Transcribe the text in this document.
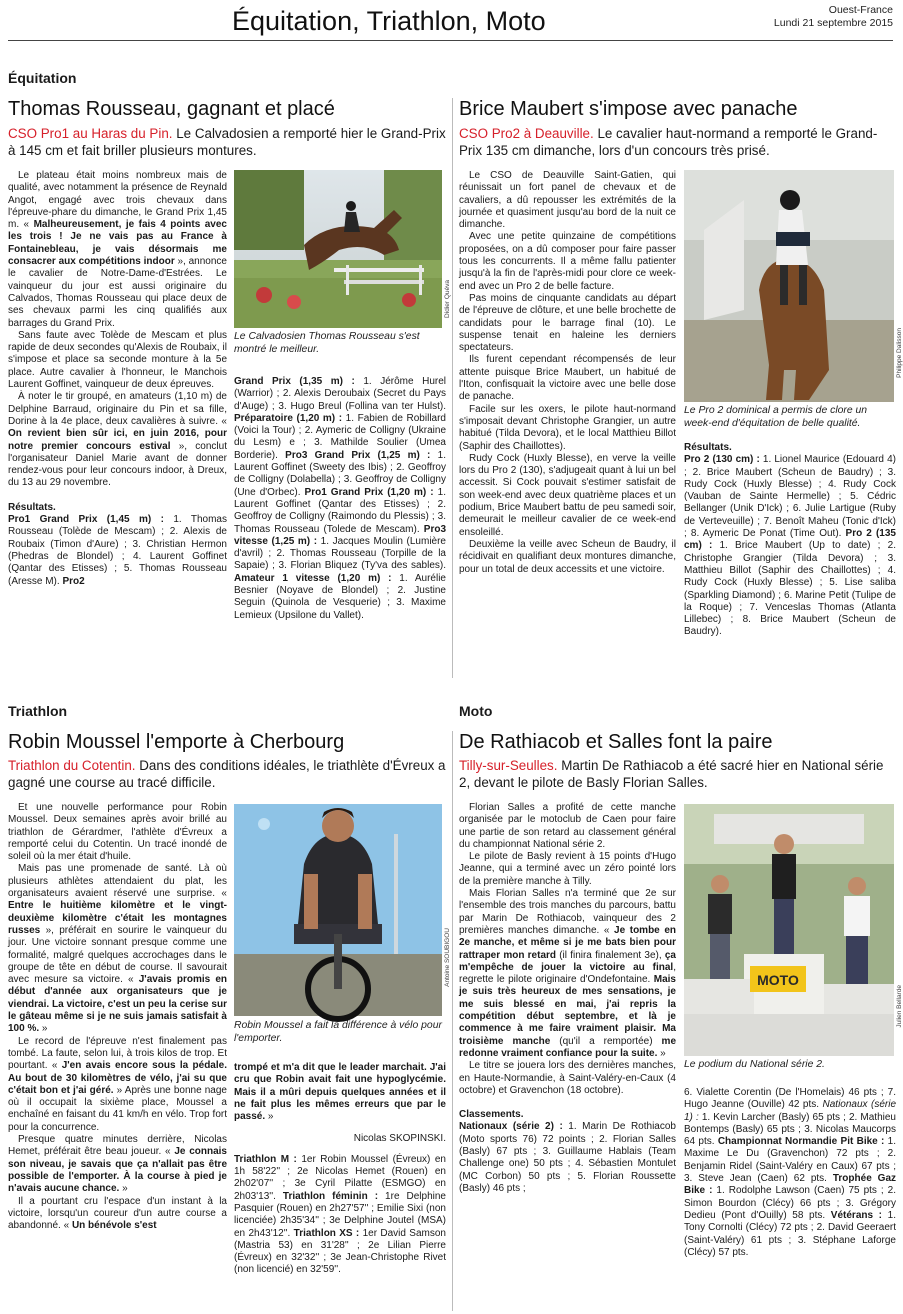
Équitation, Triathlon, Moto	Ouest-France
Lundi 21 septembre 2015
Équitation
Thomas Rousseau, gagnant et placé
CSO Pro1 au Haras du Pin. Le Calvadosien a remporté hier le Grand-Prix à 145 cm et fait briller plusieurs montures.

Le plateau était moins nombreux mais de qualité, avec notamment la présence de Reynald Angot, engagé avec trois chevaux dans l'épreuve-phare du dimanche, le Grand Prix 1,45 m. « Malheureusement, je fais 4 points avec les trois ! Je ne vais pas au France à Fontainebleau, je vais désormais me consacrer aux compétitions indoor », annonce le cavalier de Notre-Dame-d'Estrées. Le vainqueur du jour est aussi originaire du Calvados, Thomas Rousseau qui place deux de ses chevaux parmi les cinq qualifiés aux barrages du Grand Prix.

Sans faute avec Tolède de Mescam et plus rapide de deux secondes qu'Alexis de Roubaix, il s'impose et place sa seconde monture à la 5e place. Autre cavalier à l'honneur, le Manchois Laurent Goffinet, vainqueur de deux épreuves.

À noter le tir groupé, en amateurs (1,10 m) de Delphine Barraud, originaire du Pin et sa fille, Dorine à la 4e place, deux cavalières à suivre. « On revient bien sûr ici, en juin 2016, pour notre premier concours estival », conclut l'organisateur Daniel Marie avant de donner rendez-vous pour leur concours indoor, à Dreux, du 13 au 29 novembre.

Résultats.

Pro1 Grand Prix (1,45 m) : 1. Thomas Rousseau (Tolède de Mescam) ; 2. Alexis de Roubaix (Timon d'Aure) ; 3. Christian Hermon (Phedras de Blondel) ; 4. Laurent Goffinet (Qantar des Etisses) ; 5. Thomas Rousseau (Aresse M). Pro2

Didier Quéva
Le Calvadosien Thomas Rousseau s'est montré le meilleur.

Grand Prix (1,35 m) : 1. Jérôme Hurel (Warrior) ; 2. Alexis Deroubaix (Secret du Pays d'Auge) ; 3. Hugo Breul (Follina van ter Hulst). Préparatoire (1,20 m) : 1. Fabien de Robillard (Voici la Tour) ; 2. Aymeric de Colligny (Ukraine du Lesm) e ; 3. Mathilde Soulier (Umea Borderie). Pro3 Grand Prix (1,25 m) : 1. Laurent Goffinet (Sweety des Ibis) ; 2. Geoffroy de Colligny (Dolabella) ; 3. Geoffroy de Colligny (Une d'Orbec). Pro1 Grand Prix (1,20 m) : 1. Laurent Goffinet (Qantar des Etisses) ; 2. Geoffroy de Colligny (Raimondo du Plessis) ; 3. Thomas Rousseau (Tolede de Mescam). Pro3 vitesse (1,25 m) : 1. Jacques Moulin (Lumière d'avril) ; 2. Thomas Rousseau (Torpille de la Sapaie) ; 3. Florian Bliquez (Ty'va des sables). Amateur 1 vitesse (1,20 m) : 1. Aurélie Besnier (Noyave de Blondel) ; 2. Justine Seguin (Quinola de Vesquerie) ; 3. Maxime Lemieux (Upsilone du Vallet).

Brice Maubert s'impose avec panache
CSO Pro2 à Deauville. Le cavalier haut-normand a remporté le Grand-Prix 135 cm dimanche, lors d'un concours très prisé.

Le CSO de Deauville Saint-Gatien, qui réunissait un fort panel de chevaux et de cavaliers, a dû repousser les extrémités de la journée et quasiment jusqu'au bord de la nuit ce dimanche.

Avec une petite quinzaine de compétitions proposées, on a dû composer pour faire passer tous les concurrents. Il a même fallu patienter jusqu'à la fin de l'après-midi pour clore ce week-end avec un Pro 2 de belle facture.

Pas moins de cinquante candidats au départ de l'épreuve de clôture, et une belle brochette de candidats pour le barrage final (10). Le suspense tenait en haleine les derniers spectateurs.

Ils furent cependant récompensés de leur attente puisque Brice Maubert, un habitué de l'Iton, confisquait la victoire avec une belle dose de panache.

Facile sur les oxers, le pilote haut-normand s'imposait devant Christophe Grangier, un autre habitué (Tilda Devora), et le local Matthieu Billot (Saphir des Chaillottes).

Rudy Cock (Huxly Blesse), en verve la veille lors du Pro 2 (130), s'adjugeait quant à lui un bel accessit. Si Cock pouvait s'estimer satisfait de son week-end avec deux quatrième places et un podium, Brice Maubert battu de peu samedi soir, demeurait le meilleur cavalier de ce week-end ensoleillé.

Deuxième la veille avec Scheun de Baudry, il récidivait en qualifiant deux montures dimanche, pour un total de deux accessits et une victoire.

Philippe Dalisson
Le Pro 2 dominical a permis de clore un week-end d'équitation de belle qualité.

Résultats.

Pro 2 (130 cm) : 1. Lionel Maurice (Edouard 4) ; 2. Brice Maubert (Scheun de Baudry) ; 3. Rudy Cock (Huxly Blesse) ; 4. Rudy Cock (Vauban de Sainte Hermelle) ; 5. Cédric Bellanger (Unik D'Ick) ; 6. Julie Lartigue (Ruby de Verteveuille) ; 7. Benoît Maheu (Tonic d'Ick) ; 8. Aymeric De Ponat (Time Out). Pro 2 (135 cm) : 1. Brice Maubert (Up to date) ; 2. Christophe Grangier (Tilda Devora) ; 3. Matthieu Billot (Saphir des Chaillottes) ; 4. Rudy Cock (Huxly Blesse) ; 5. Lise saliba (Sparkling Diamond) ; 6. Marine Petit (Tulipe de la Roque) ; 7. Venceslas Thomas (Atlanta Lillebec) ; 8. Brice Maubert (Scheun de Baudry).

Triathlon
Robin Moussel l'emporte à Cherbourg
Triathlon du Cotentin. Dans des conditions idéales, le triathlète d'Évreux a gagné une course au tracé difficile.

Et une nouvelle performance pour Robin Moussel. Deux semaines après avoir brillé au triathlon de Gérardmer, l'athlète d'Évreux a remporté celui du Cotentin. Un tracé inondé de soleil où la mer était d'huile.

Mais pas une promenade de santé. Là où plusieurs athlètes attendaient du plat, les organisateurs avaient réservé une surprise. « Entre le huitième kilomètre et le vingt-deuxième kilomètre c'était les montagnes russes », préférait en sourire le vainqueur du jour. Une victoire sonnant presque comme une formalité, malgré quelques accrochages dans le groupe de tête en début de course. Il savourait avec mesure sa victoire. « J'avais promis en début d'année aux organisateurs que je viendrai. La victoire, c'est un peu la cerise sur le gâteau même si je ne suis jamais satisfait à 100 %. »

Le record de l'épreuve n'est finalement pas tombé. La faute, selon lui, à trois kilos de trop. Et pourtant. « J'en avais encore sous la pédale. Au bout de 30 kilomètres de vélo, j'ai su que c'était bon et j'ai géré. » Après une bonne nage où il occupait la sixième place, Moussel a enchaîné en faisant du 41 km/h en vélo. Trop fort pour la concurrence.

Presque quatre minutes derrière, Nicolas Hemet, préférait être beau joueur. « Je connais son niveau, je savais que ça n'allait pas être possible de l'emporter. À la course à pied je n'avais aucune chance. »

Il a pourtant cru l'espace d'un instant à la victoire, lorsqu'un coureur d'un autre course a abandonné. « Un bénévole s'est

Antoine SOUBIGOU
Robin Moussel a fait la différence à vélo pour l'emporter.

trompé et m'a dit que le leader marchait. J'ai cru que Robin avait fait une hypoglycémie. Mais il a mûri depuis quelques années et il ne fait plus les mêmes erreurs que par le passé. »

Nicolas SKOPINSKI.

Triathlon M : 1er Robin Moussel (Évreux) en 1h 58'22'' ; 2e Nicolas Hemet (Rouen) en 2h02'07'' ; 3e Cyril Pilatte (ESMGO) en 2h03'13''. Triathlon féminin : 1re Delphine Pasquier (Rouen) en 2h27'57'' ; Emilie Sixi (non licenciée) 2h35'34'' ; 3e Delphine Joutel (MSA) en 2h43'12''. Triathlon XS : 1er David Samson (Mastria 53) en 31'28'' ; 2e Lilian Pierre (Évreux) en 32'32'' ; 3e Jean-Christophe Rivet (non licencié) en 32'59''.

Moto
De Rathiacob et Salles font la paire
Tilly-sur-Seulles. Martin De Rathiacob a été sacré hier en National série 2, devant le pilote de Basly Florian Salles.

Florian Salles a profité de cette manche organisée par le motoclub de Caen pour faire une partie de son retard au classement général du championnat National série 2.

Le pilote de Basly revient à 15 points d'Hugo Jeanne, qui a terminé avec un zéro pointé lors de la première manche à Tilly.

Mais Florian Salles n'a terminé que 2e sur l'ensemble des trois manches du parcours, battu par Marin De Rothiacob, vainqueur des 2 premières manches dimanche. « Je tombe en 2e manche, et même si je me bats bien pour rattraper mon retard (il finira finalement 3e), ça m'empêche de jouer la victoire au final, regrette le pilote originaire d'Ondefontaine. Mais je suis très heureux de mes sensations, je me suis blessé en mai, j'ai repris la compétition début septembre, et là je commence à me faire vraiment plaisir. Ma troisième manche (qu'il a remportée) me redonne vraiment confiance pour la suite. »

Le titre se jouera lors des dernières manches, en Haute-Normandie, à Saint-Valéry-en-Caux (4 octobre) et Gravenchon (18 octobre).

Classements.

Nationaux (série 2) : 1. Marin De Rothiacob (Moto sports 76) 72 points ; 2. Florian Salles (Basly) 67 pts ; 3. Guillaume Hablais (Team Challenge one) 50 pts ; 4. Sébastien Montulet (MC Corbon) 50 pts ; 5. Florian Roussette (Basly) 46 pts ;

MOTO
Julien Bellarde
Le podium du National série 2.

6. Vialette Corentin (De l'Homelais) 46 pts ; 7. Hugo Jeanne (Ouville) 42 pts. Nationaux (série 1) : 1. Kevin Larcher (Basly) 65 pts ; 2. Mathieu Bontemps (Basly) 65 pts ; 3. Nicolas Maucorps 64 pts. Championnat Normandie Pit Bike : 1. Maxime Le Du (Gravenchon) 72 pts ; 2. Benjamin Ridel (Saint-Valéry en Caux) 67 pts ; 3. Steve Jean (Caen) 62 pts. Trophée Gaz Bike : 1. Rodolphe Lawson (Caen) 75 pts ; 2. Simon Bourdon (Clécy) 66 pts ; 3. Grégory Dedieu (Pont d'Ouilly) 58 pts. Vétérans : 1. Tony Cornolti (Clécy) 72 pts ; 2. David Geeraert (Saint-Valéry) 61 pts ; 3. Stéphane Laforge (Clécy) 57 pts.
